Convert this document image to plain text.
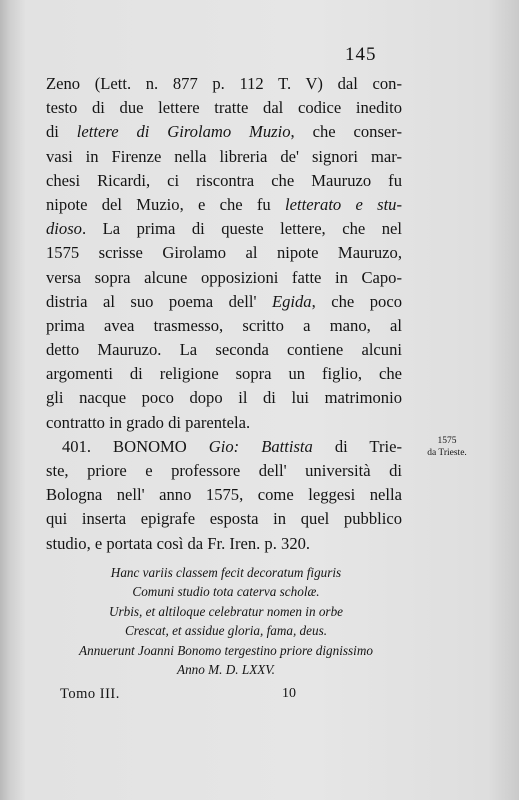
145
Zeno (Lett. n. 877 p. 112 T. V) dal con-
testo di due lettere tratte dal codice inedito
di lettere di Girolamo Muzio, che conser-
vasi in Firenze nella libreria de' signori mar-
chesi Ricardi, ci riscontra che Mauruzo fu
nipote del Muzio, e che fu letterato e stu-
dioso. La prima di queste lettere, che nel
1575 scrisse Girolamo al nipote Mauruzo,
versa sopra alcune opposizioni fatte in Capo-
distria al suo poema dell' Egida, che poco
prima avea trasmesso, scritto a mano, al
detto Mauruzo. La seconda contiene alcuni
argomenti di religione sopra un figlio, che
gli nacque poco dopo il di lui matrimonio
contratto in grado di parentela.
401. BONOMO Gio: Battista di Trie-
ste, priore e professore dell' università di
Bologna nell' anno 1575, come leggesi nella
qui inserta epigrafe esposta in quel pubblico
studio, e portata così da Fr. Iren. p. 320.
1575
da Trieste.
Hanc variis classem fecit decoratum figuris
Comuni studio tota caterva scholæ.
Urbis, et altiloque celebratur nomen in orbe
Crescat, et assidue gloria, fama, deus.
Annuerunt Joanni Bonomo tergestino priore dignissimo
Anno M. D. LXXV.
Tomo III.	10
